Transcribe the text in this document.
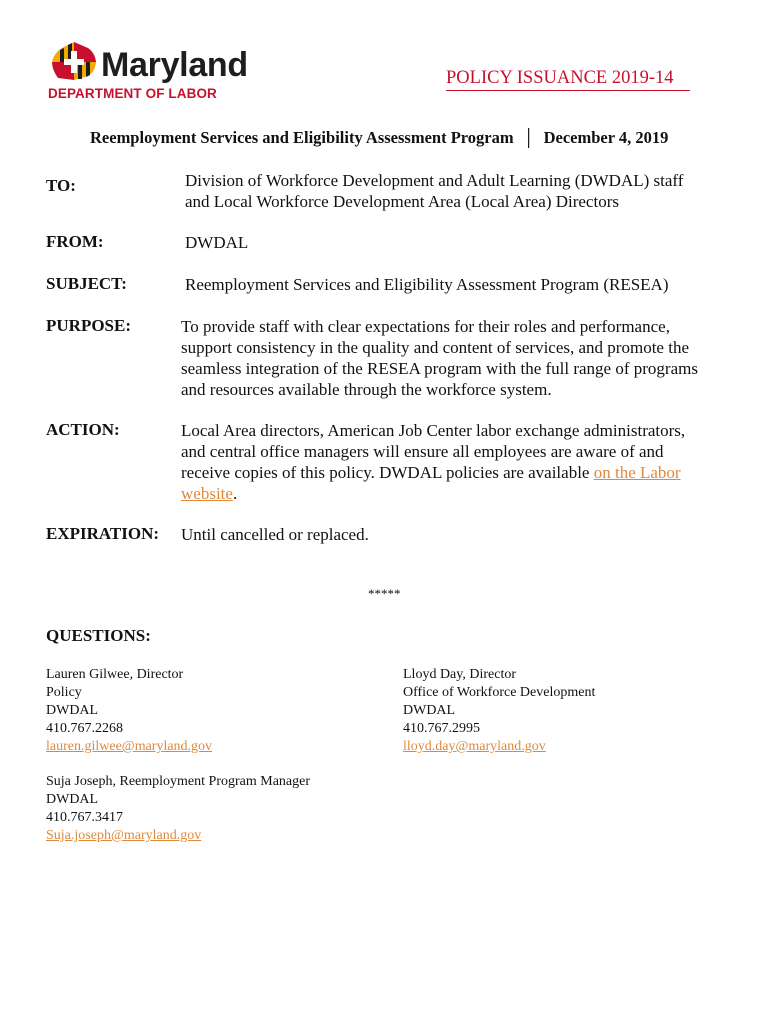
Maryland
DEPARTMENT OF LABOR
POLICY ISSUANCE 2019-14
Reemployment Services and Eligibility Assessment Program │ December 4, 2019
TO:	Division of Workforce Development and Adult Learning (DWDAL) staff
and Local Workforce Development Area (Local Area) Directors
FROM:	DWDAL
SUBJECT:	Reemployment Services and Eligibility Assessment Program (RESEA)
PURPOSE:	To provide staff with clear expectations for their roles and performance,
support consistency in the quality and content of services, and promote the
seamless integration of the RESEA program with the full range of programs
and resources available through the workforce system.
ACTION:	Local Area directors, American Job Center labor exchange administrators,
and central office managers will ensure all employees are aware of and
receive copies of this policy. DWDAL policies are available on the Labor
website.
EXPIRATION: Until cancelled or replaced.
*****
QUESTIONS:
Lauren Gilwee, Director
Policy
DWDAL
410.767.2268
lauren.gilwee@maryland.gov
Lloyd Day, Director
Office of Workforce Development
DWDAL
410.767.2995
lloyd.day@maryland.gov
Suja Joseph, Reemployment Program Manager
DWDAL
410.767.3417
Suja.joseph@maryland.gov
